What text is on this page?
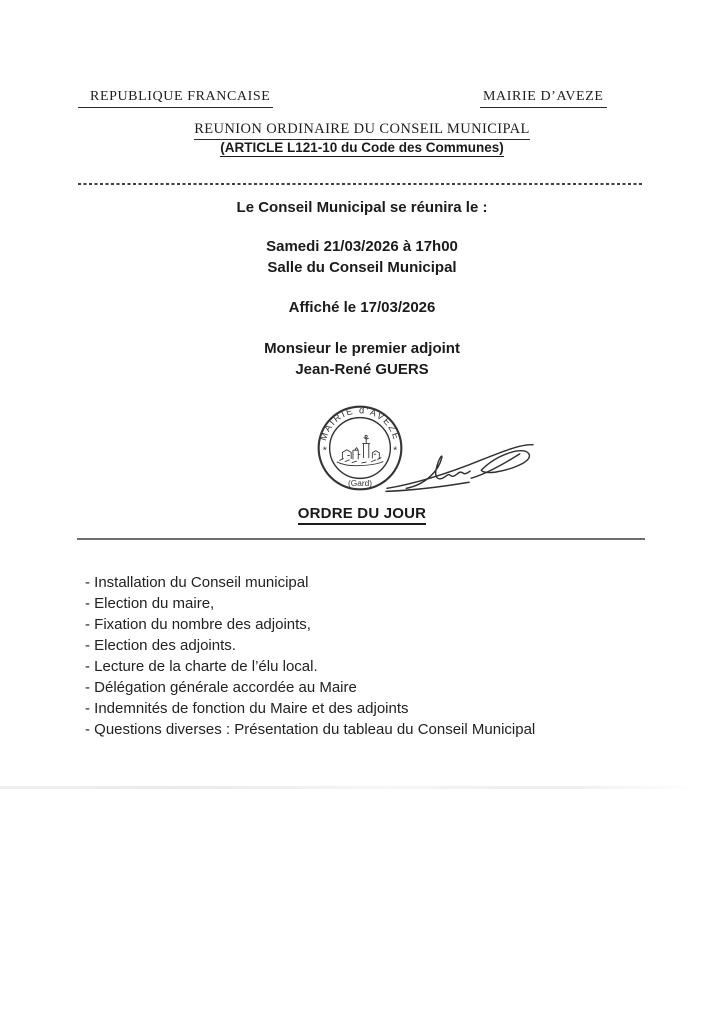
REPUBLIQUE FRANCAISE	MAIRIE D’AVEZE
REUNION ORDINAIRE DU CONSEIL MUNICIPAL
(ARTICLE L121-10 du Code des Communes)
Le Conseil Municipal se réunira le :
Samedi 21/03/2026 à 17h00
Salle du Conseil Municipal
Affiché le 17/03/2026
Monsieur le premier adjoint
Jean-René GUERS
MAIRIE d'AVEZE
*	*
(Gard)
ORDRE DU JOUR
- Installation du Conseil municipal
- Election du maire,
- Fixation du nombre des adjoints,
- Election des adjoints.
- Lecture de la charte de l’élu local.
- Délégation générale accordée au Maire
- Indemnités de fonction du Maire et des adjoints
- Questions diverses : Présentation du tableau du Conseil Municipal
